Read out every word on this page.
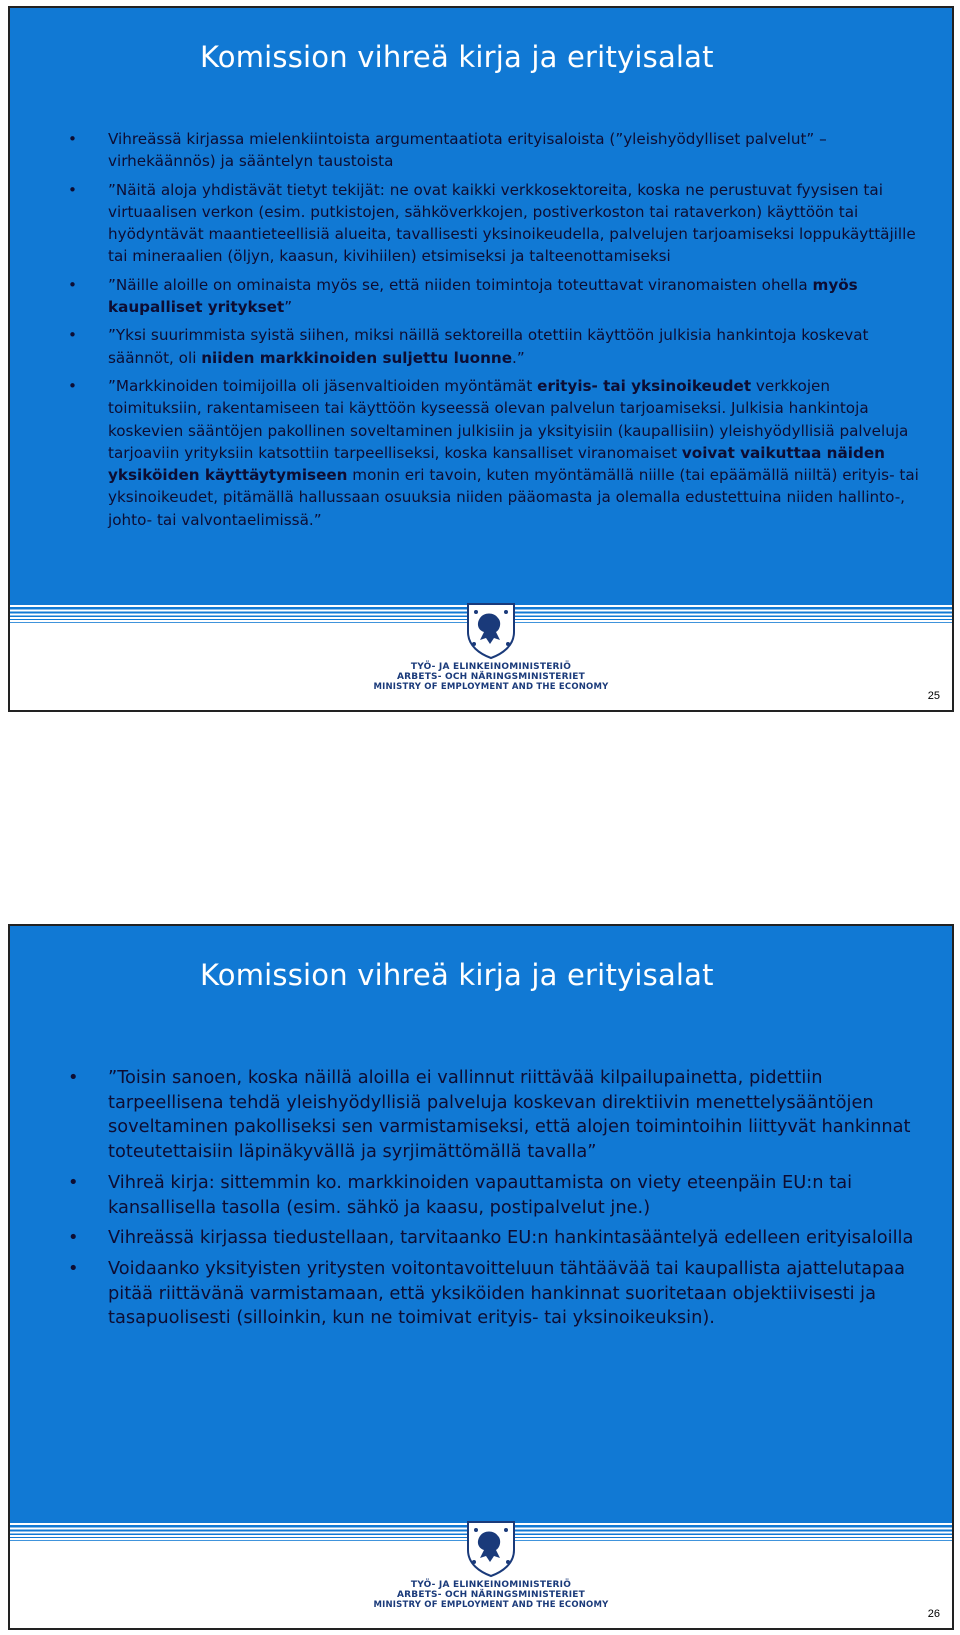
Komission vihreä kirja ja erityisalat
• Vihreässä kirjassa mielenkiintoista argumentaatiota erityisaloista (”yleishyödylliset palvelut” – virhekäännös) ja sääntelyn taustoista
• ”Näitä aloja yhdistävät tietyt tekijät: ne ovat kaikki verkkosektoreita, koska ne perustuvat fyysisen tai virtuaalisen verkon (esim. putkistojen, sähköverkkojen, postiverkoston tai rataverkon) käyttöön tai hyödyntävät maantieteellisiä alueita, tavallisesti yksinoikeudella, palvelujen tarjoamiseksi loppukäyttäjille tai mineraalien (öljyn, kaasun, kivihiilen) etsimiseksi ja talteenottamiseksi
• ”Näille aloille on ominaista myös se, että niiden toimintoja toteuttavat viranomaisten ohella myös kaupalliset yritykset”
• ”Yksi suurimmista syistä siihen, miksi näillä sektoreilla otettiin käyttöön julkisia hankintoja koskevat säännöt, oli niiden markkinoiden suljettu luonne.”
• ”Markkinoiden toimijoilla oli jäsenvaltioiden myöntämät erityis- tai yksinoikeudet verkkojen toimituksiin, rakentamiseen tai käyttöön kyseessä olevan palvelun tarjoamiseksi. Julkisia hankintoja koskevien sääntöjen pakollinen soveltaminen julkisiin ja yksityisiin (kaupallisiin) yleishyödyllisiä palveluja tarjoaviin yrityksiin katsottiin tarpeelliseksi, koska kansalliset viranomaiset voivat vaikuttaa näiden yksiköiden käyttäytymiseen monin eri tavoin, kuten myöntämällä niille (tai epäämällä niiltä) erityis- tai yksinoikeudet, pitämällä hallussaan osuuksia niiden pääomasta ja olemalla edustettuina niiden hallinto-, johto- tai valvontaelimissä.”
TYÖ- JA ELINKEINOMINISTERIÖ
ARBETS- OCH NÄRINGSMINISTERIET
MINISTRY OF EMPLOYMENT AND THE ECONOMY
25
Komission vihreä kirja ja erityisalat
• ”Toisin sanoen, koska näillä aloilla ei vallinnut riittävää kilpailupainetta, pidettiin tarpeellisena tehdä yleishyödyllisiä palveluja koskevan direktiivin menettelysääntöjen soveltaminen pakolliseksi sen varmistamiseksi, että alojen toimintoihin liittyvät hankinnat toteutettaisiin läpinäkyvällä ja syrjimättömällä tavalla”
• Vihreä kirja: sittemmin ko. markkinoiden vapauttamista on viety eteenpäin EU:n tai kansallisella tasolla (esim. sähkö ja kaasu, postipalvelut jne.)
• Vihreässä kirjassa tiedustellaan, tarvitaanko EU:n hankintasääntelyä edelleen erityisaloilla
• Voidaanko yksityisten yritysten voitontavoitteluun tähtäävää tai kaupallista ajattelutapaa pitää riittävänä varmistamaan, että yksiköiden hankinnat suoritetaan objektiivisesti ja tasapuolisesti (silloinkin, kun ne toimivat erityis- tai yksinoikeuksin).
TYÖ- JA ELINKEINOMINISTERIÖ
ARBETS- OCH NÄRINGSMINISTERIET
MINISTRY OF EMPLOYMENT AND THE ECONOMY
26
